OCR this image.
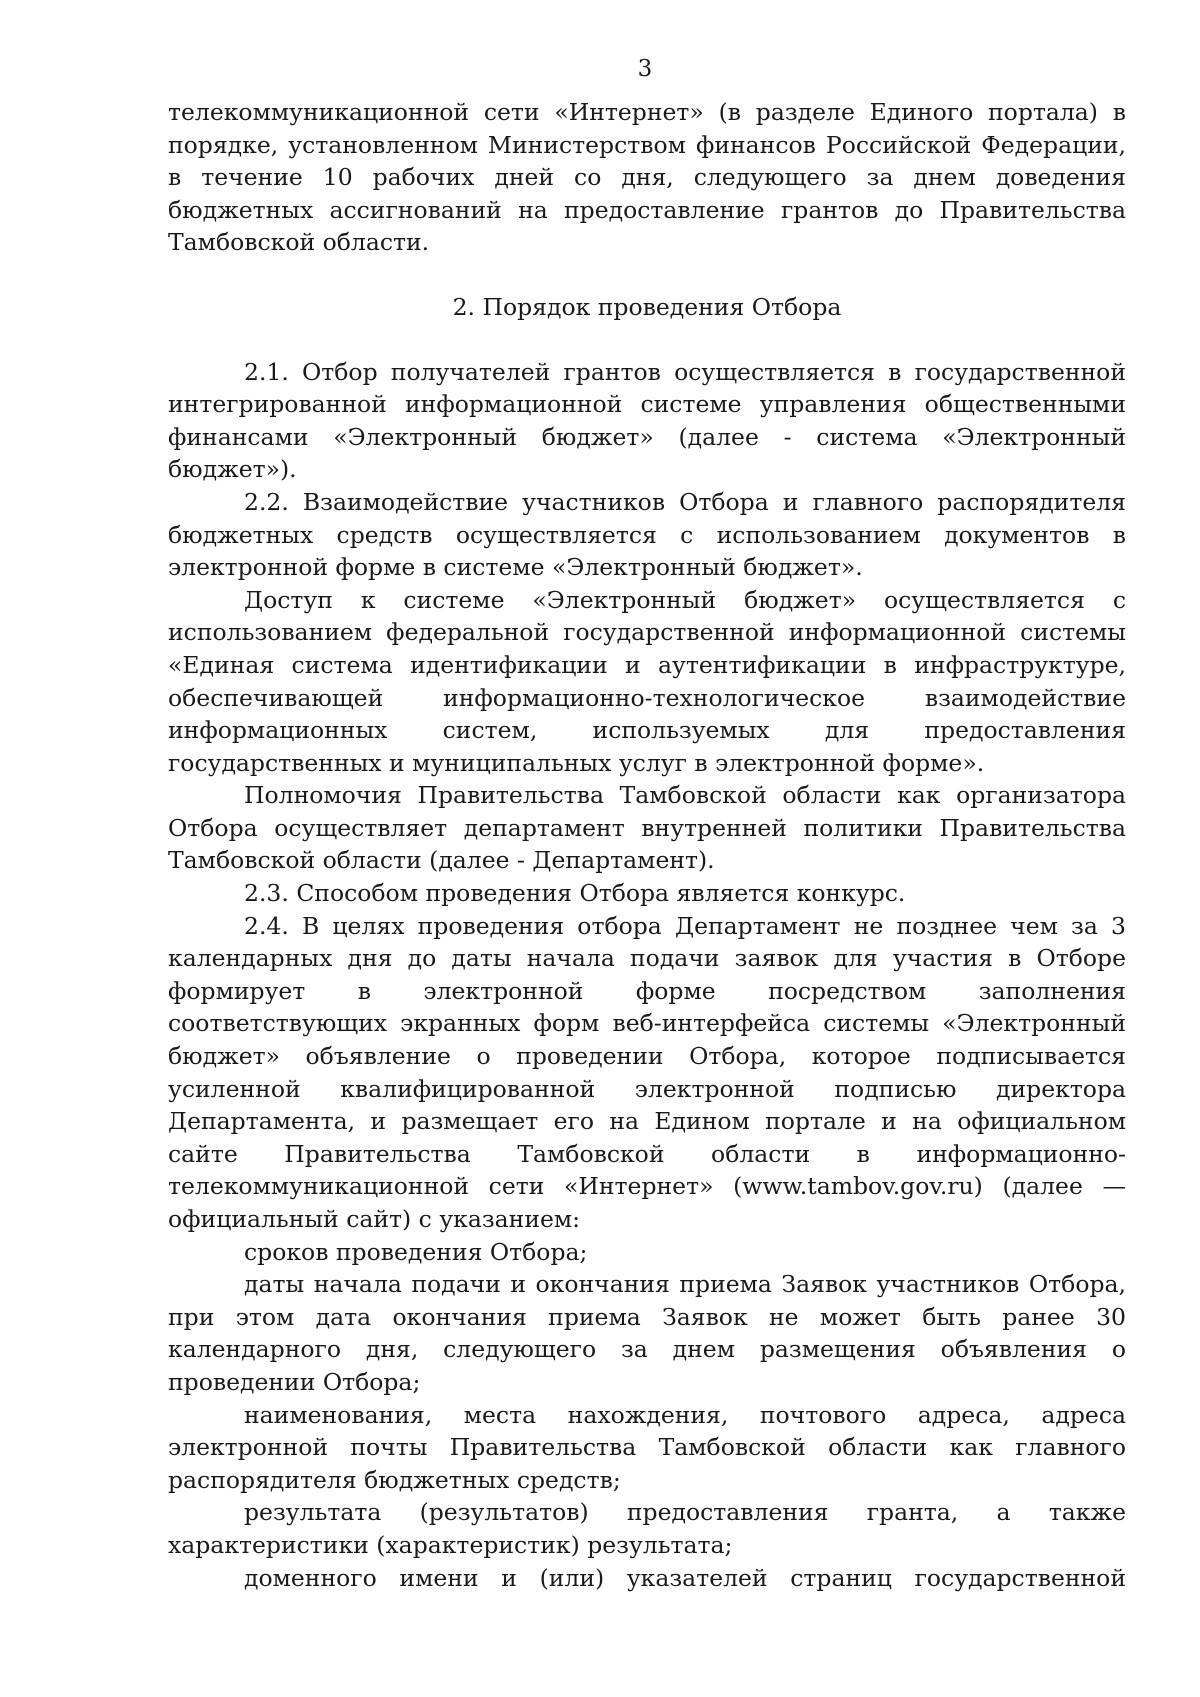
3

телекоммуникационной сети «Интернет» (в разделе Единого портала) в порядке, установленном Министерством финансов Российской Федерации, в течение 10 рабочих дней со дня, следующего за днем доведения бюджетных ассигнований на предоставление грантов до Правительства Тамбовской области.

2. Порядок проведения Отбора

2.1. Отбор получателей грантов осуществляется в государственной интегрированной информационной системе управления общественными финансами «Электронный бюджет» (далее - система «Электронный бюджет»).

2.2. Взаимодействие участников Отбора и главного распорядителя бюджетных средств осуществляется с использованием документов в электронной форме в системе «Электронный бюджет».

Доступ к системе «Электронный бюджет» осуществляется с использованием федеральной государственной информационной системы «Единая система идентификации и аутентификации в инфраструктуре, обеспечивающей информационно-технологическое взаимодействие информационных систем, используемых для предоставления государственных и муниципальных услуг в электронной форме».

Полномочия Правительства Тамбовской области как организатора Отбора осуществляет департамент внутренней политики Правительства Тамбовской области (далее - Департамент).

2.3. Способом проведения Отбора является конкурс.

2.4. В целях проведения отбора Департамент не позднее чем за 3 календарных дня до даты начала подачи заявок для участия в Отборе формирует в электронной форме посредством заполнения соответствующих экранных форм веб-интерфейса системы «Электронный бюджет» объявление о проведении Отбора, которое подписывается усиленной квалифицированной электронной подписью директора Департамента, и размещает его на Едином портале и на официальном сайте Правительства Тамбовской области в информационно-телекоммуникационной сети «Интернет» (www.tambov.gov.ru) (далее — официальный сайт) с указанием:

сроков проведения Отбора;

даты начала подачи и окончания приема Заявок участников Отбора, при этом дата окончания приема Заявок не может быть ранее 30 календарного дня, следующего за днем размещения объявления о проведении Отбора;

наименования, места нахождения, почтового адреса, адреса электронной почты Правительства Тамбовской области как главного распорядителя бюджетных средств;

результата (результатов) предоставления гранта, а также характеристики (характеристик) результата;

доменного имени и (или) указателей страниц государственной
